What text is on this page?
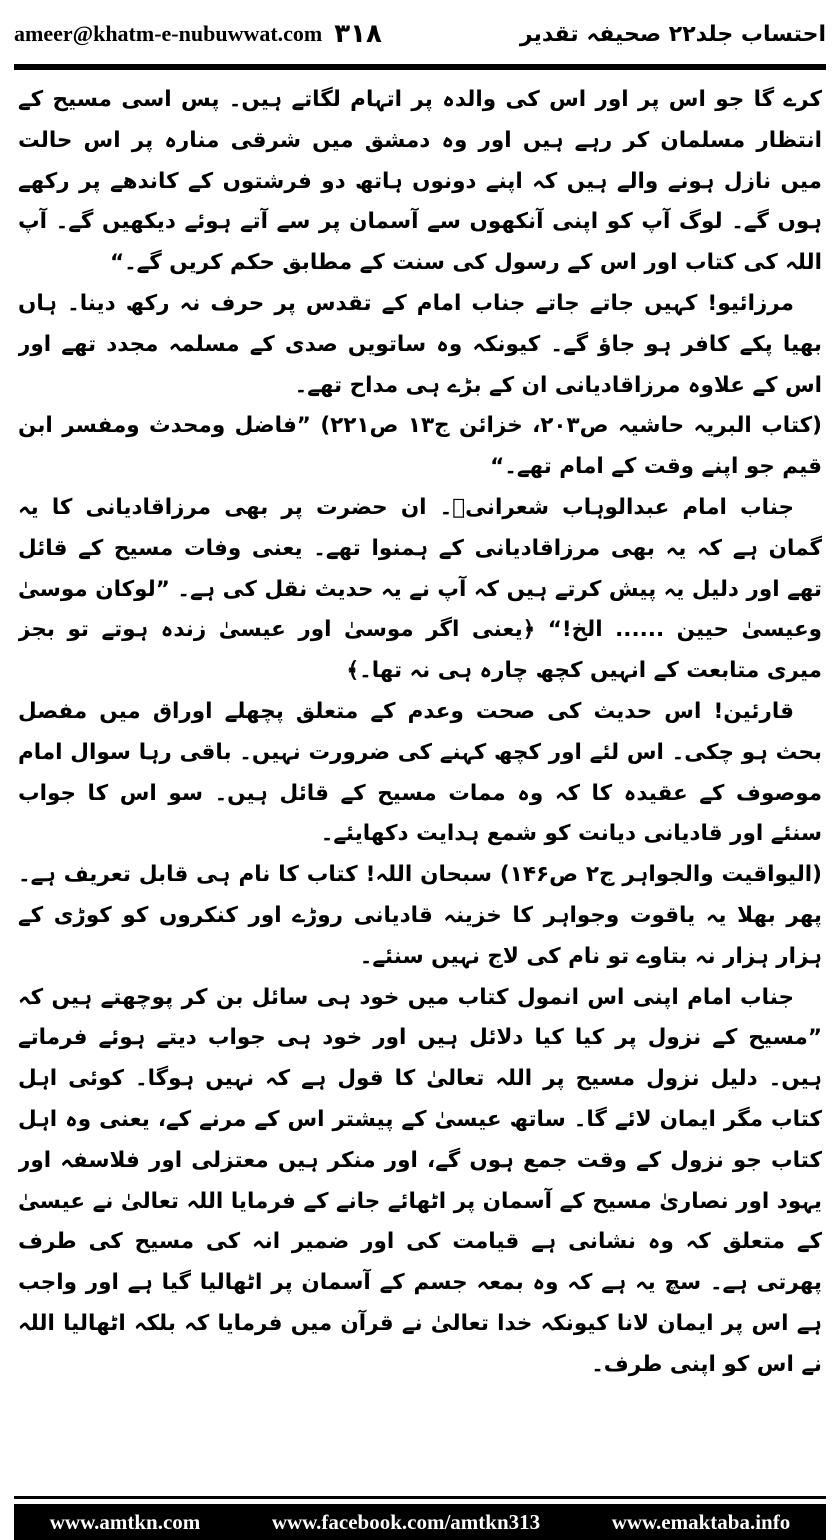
ameer@khatm-e-nubuwwat.com ۳۱۸	احتساب جلد۲۲ صحیفہ تقدیر

کرے گا جو اس پر اور اس کی والدہ پر اتہام لگاتے ہیں۔ پس اسی مسیح کے انتظار مسلمان کر رہے ہیں اور وہ دمشق میں شرقی منارہ پر اس حالت میں نازل ہونے والے ہیں کہ اپنے دونوں ہاتھ دو فرشتوں کے کاندھے پر رکھے ہوں گے۔ لوگ آپ کو اپنی آنکھوں سے آسمان پر سے آتے ہوئے دیکھیں گے۔ آپ اللہ کی کتاب اور اس کے رسول کی سنت کے مطابق حکم کریں گے۔“

مرزائیو! کہیں جاتے جاتے جناب امام کے تقدس پر حرف نہ رکھ دینا۔ ہاں بھیا پکے کافر ہو جاؤ گے۔ کیونکہ وہ ساتویں صدی کے مسلمہ مجدد تھے اور اس کے علاوہ مرزاقادیانی ان کے بڑے ہی مداح تھے۔

(کتاب البریہ حاشیہ ص۲۰۳، خزائن ج۱۳ ص۲۲۱) ”فاضل ومحدث ومفسر ابن قیم جو اپنے وقت کے امام تھے۔“

جناب امام عبدالوہاب شعرانیؒ۔ ان حضرت پر بھی مرزاقادیانی کا یہ گمان ہے کہ یہ بھی مرزاقادیانی کے ہمنوا تھے۔ یعنی وفات مسیح کے قائل تھے اور دلیل یہ پیش کرتے ہیں کہ آپ نے یہ حدیث نقل کی ہے۔ ”لوکان موسیٰ وعیسیٰ حیین ...... الخ!“ ﴿یعنی اگر موسیٰ اور عیسیٰ زندہ ہوتے تو بجز میری متابعت کے انہیں کچھ چارہ ہی نہ تھا۔﴾

قارئین! اس حدیث کی صحت وعدم کے متعلق پچھلے اوراق میں مفصل بحث ہو چکی۔ اس لئے اور کچھ کہنے کی ضرورت نہیں۔ باقی رہا سوال امام موصوف کے عقیدہ کا کہ وہ ممات مسیح کے قائل ہیں۔ سو اس کا جواب سنئے اور قادیانی دیانت کو شمع ہدایت دکھایئے۔

(الیواقیت والجواہر ج۲ ص۱۴۶) سبحان اللہ! کتاب کا نام ہی قابل تعریف ہے۔ پھر بھلا یہ یاقوت وجواہر کا خزینہ قادیانی روڑے اور کنکروں کو کوڑی کے ہزار ہزار نہ بتاوے تو نام کی لاج نہیں سنئے۔

جناب امام اپنی اس انمول کتاب میں خود ہی سائل بن کر پوچھتے ہیں کہ ”مسیح کے نزول پر کیا کیا دلائل ہیں اور خود ہی جواب دیتے ہوئے فرماتے ہیں۔ دلیل نزول مسیح پر اللہ تعالیٰ کا قول ہے کہ نہیں ہوگا۔ کوئی اہل کتاب مگر ایمان لائے گا۔ ساتھ عیسیٰ کے پیشتر اس کے مرنے کے، یعنی وہ اہل کتاب جو نزول کے وقت جمع ہوں گے، اور منکر ہیں معتزلی اور فلاسفہ اور یہود اور نصاریٰ مسیح کے آسمان پر اٹھائے جانے کے فرمایا اللہ تعالیٰ نے عیسیٰ کے متعلق کہ وہ نشانی ہے قیامت کی اور ضمیر انہ کی مسیح کی طرف پھرتی ہے۔ سچ یہ ہے کہ وہ بمعہ جسم کے آسمان پر اٹھالیا گیا ہے اور واجب ہے اس پر ایمان لانا کیونکہ خدا تعالیٰ نے قرآن میں فرمایا کہ بلکہ اٹھالیا اللہ نے اس کو اپنی طرف۔

www.amtkn.com	www.facebook.com/amtkn313	www.emaktaba.info
